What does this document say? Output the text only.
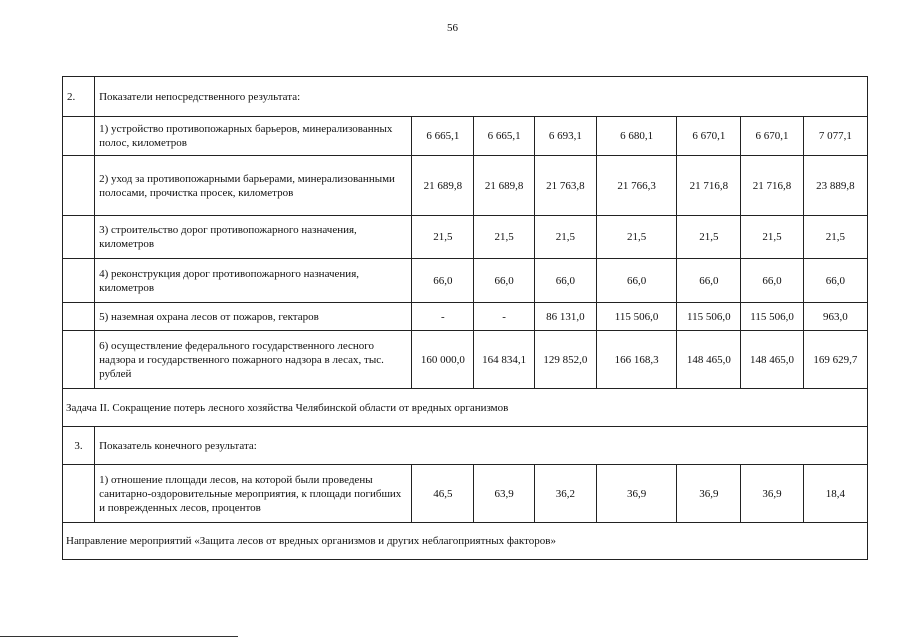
56
2.	Показатели непосредственного результата:							
	1) устройство противопожарных барьеров, минерализованных полос, километров	6 665,1	6 665,1	6 693,1	6 680,1	6 670,1	6 670,1	7 077,1
	2) уход за противопожарными барьерами, минерализованными полосами, прочистка просек, километров	21 689,8	21 689,8	21 763,8	21 766,3	21 716,8	21 716,8	23 889,8
	3) строительство дорог противопожарного назначения, километров	21,5	21,5	21,5	21,5	21,5	21,5	21,5
	4) реконструкция дорог противопожарного назначения, километров	66,0	66,0	66,0	66,0	66,0	66,0	66,0
	5) наземная охрана лесов от пожаров, гектаров	-	-	86 131,0	115 506,0	115 506,0	115 506,0	963,0
	6) осуществление федерального государственного лесного надзора и государственного пожарного надзора в лесах, тыс. рублей	160 000,0	164 834,1	129 852,0	166 168,3	148 465,0	148 465,0	169 629,7
Задача II. Сокращение потерь лесного хозяйства Челябинской области от вредных организмов								
3.	Показатель конечного результата:							
	1) отношение площади лесов, на которой были проведены санитарно-оздоровительные мероприятия, к площади погибших и поврежденных лесов, процентов	46,5	63,9	36,2	36,9	36,9	36,9	18,4
Направление мероприятий «Защита лесов от вредных организмов и других неблагоприятных факторов»								
